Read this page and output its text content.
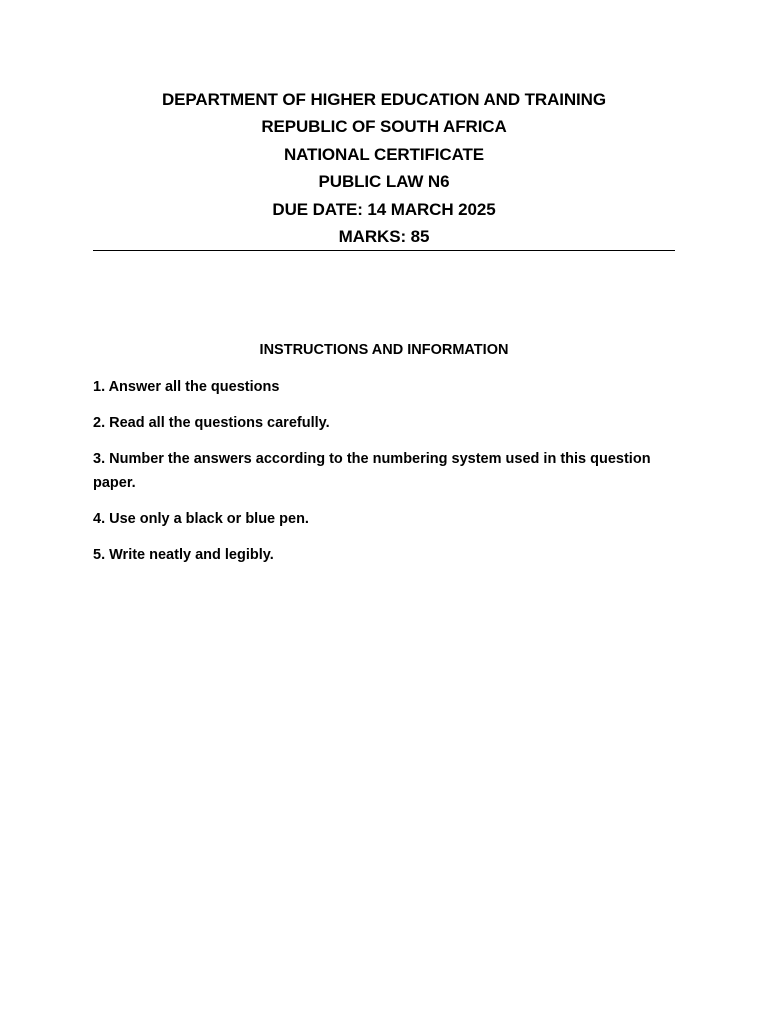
DEPARTMENT OF HIGHER EDUCATION AND TRAINING
REPUBLIC OF SOUTH AFRICA
NATIONAL CERTIFICATE
PUBLIC LAW N6
DUE DATE: 14 MARCH 2025
MARKS: 85
INSTRUCTIONS AND INFORMATION
1. Answer all the questions
2. Read all the questions carefully.
3. Number the answers according to the numbering system used in this question paper.
4. Use only a black or blue pen.
5. Write neatly and legibly.
